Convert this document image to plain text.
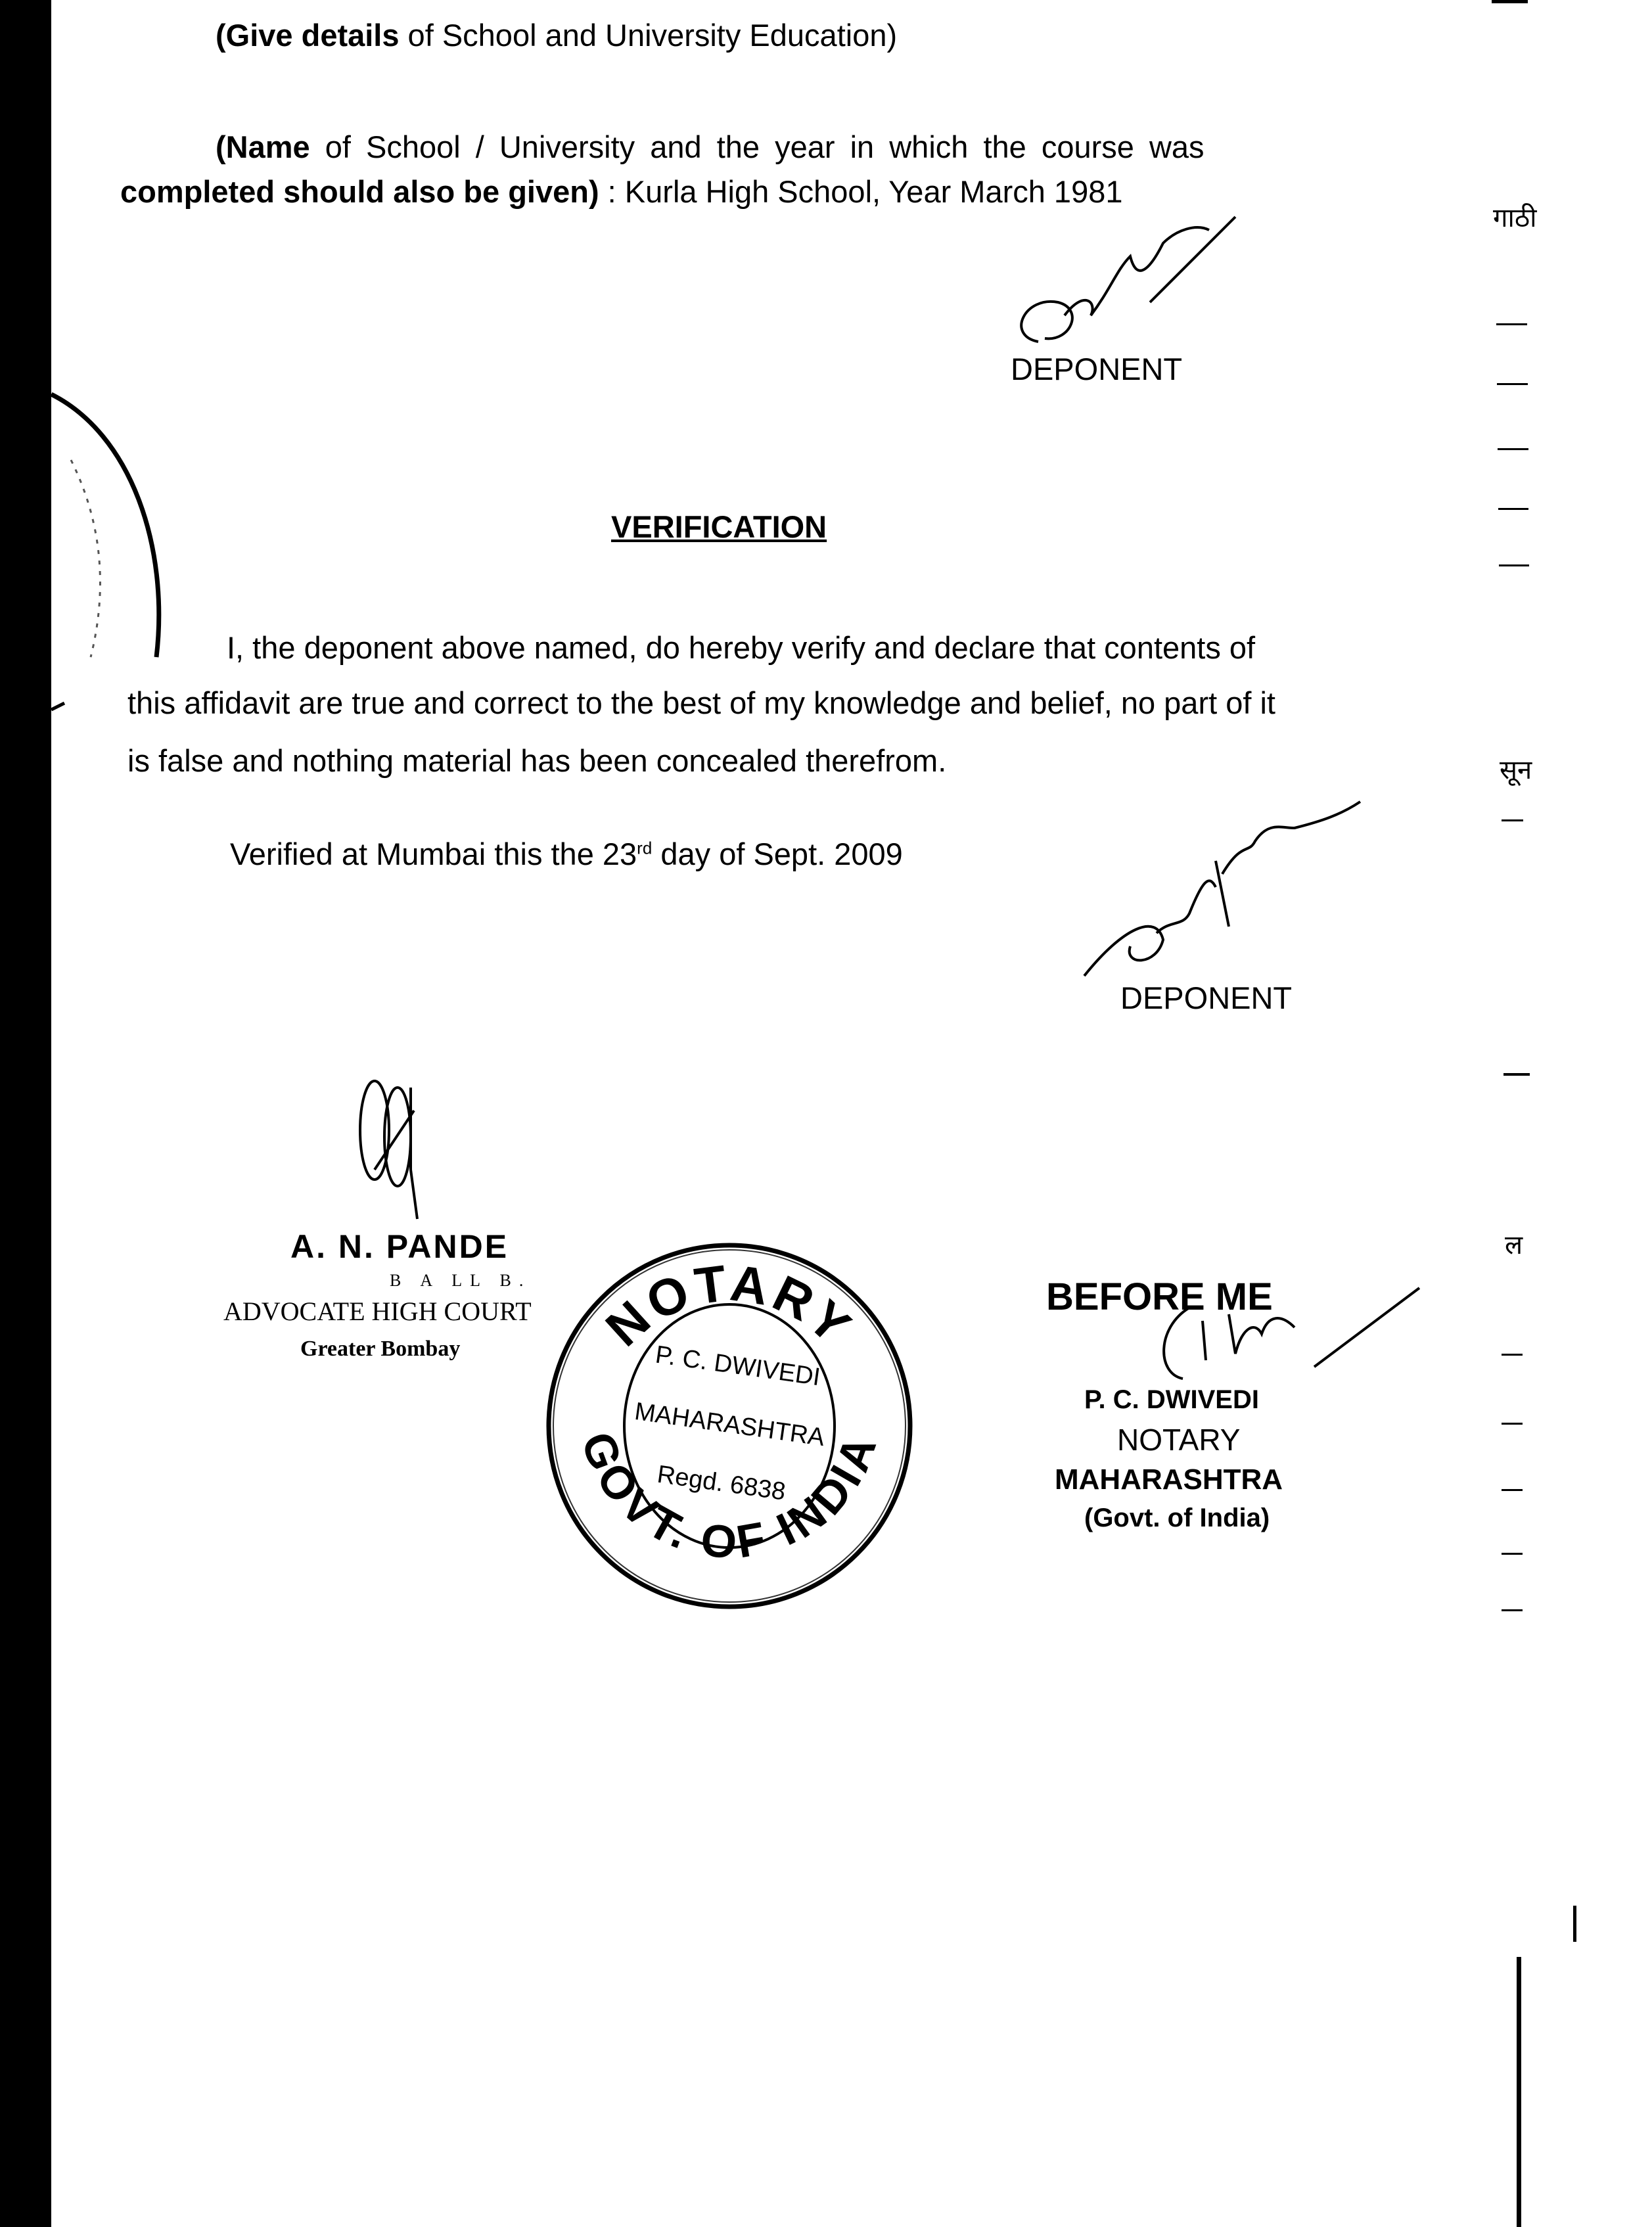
(Give details of School and University Education)
(Name of School / University and the year in which the course was
completed should also be given) : Kurla High School, Year March 1981
DEPONENT
VERIFICATION
I, the deponent above named, do hereby verify and declare that contents of
this affidavit are true and correct to the best of my knowledge and belief, no part of it
is false and nothing material has been concealed therefrom.
Verified at Mumbai this the 23rd day of Sept. 2009
DEPONENT
A. N. PANDE
B A LL B.
ADVOCATE HIGH COURT
Greater Bombay	NOTARY
GOVT. OF INDIA
P. C. DWIVEDI
MAHARASHTRA
Regd. 6838
BEFORE ME
P. C. DWIVEDI
NOTARY
MAHARASHTRA
(Govt. of India)
गाठी
सून
ल
